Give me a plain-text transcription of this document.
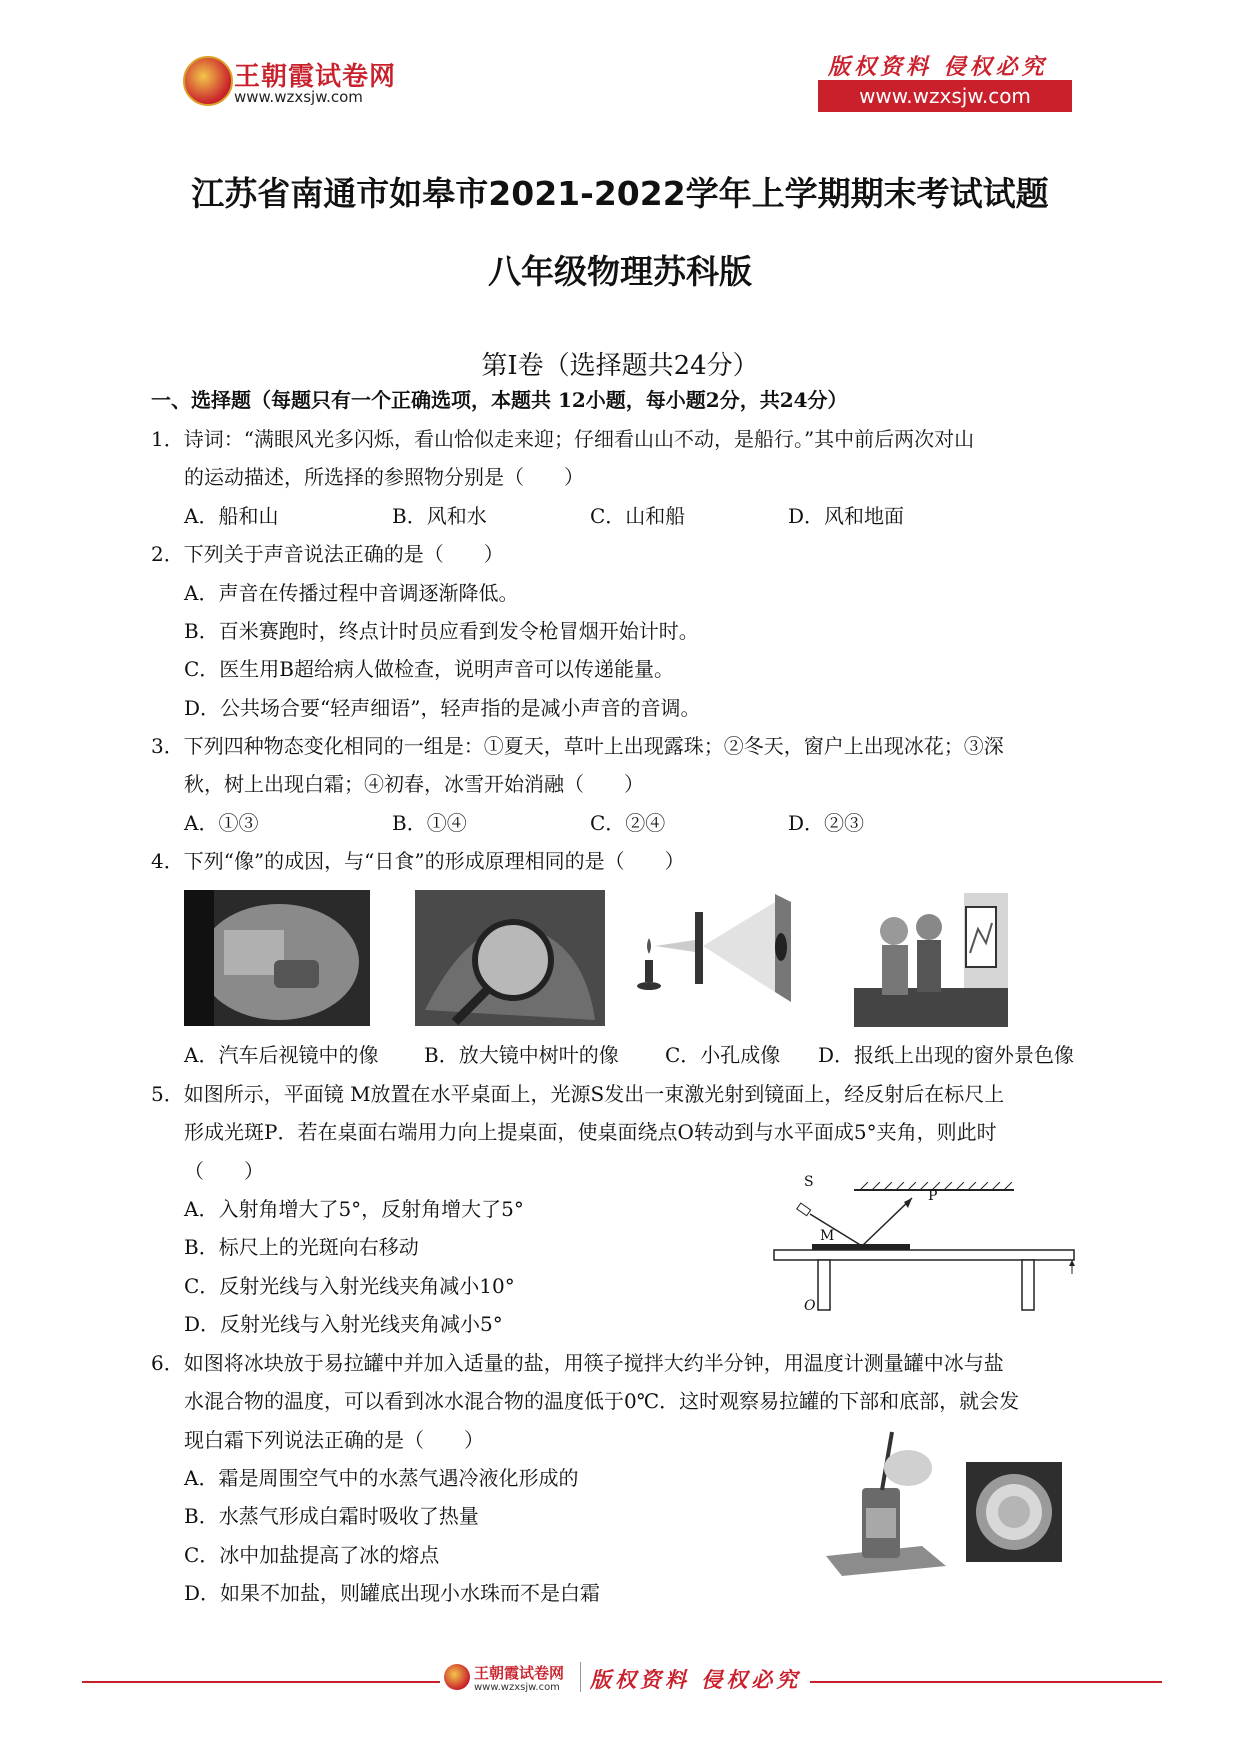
王朝霞试卷网
www.wzxsjw.com
版权资料 侵权必究
www.wzxsjw.com
江苏省南通市如皋市2021-2022学年上学期期末考试试题
八年级物理苏科版
第I卷（选择题共24分）
一、选择题（每题只有一个正确选项，本题共 12小题，每小题2分，共24分）
1．诗词：“满眼风光多闪烁，看山恰似走来迎；仔细看山山不动，是船行。”其中前后两次对山
的运动描述，所选择的参照物分别是（　　）
A．船和山	B．风和水	C．山和船	D．风和地面
2．下列关于声音说法正确的是（　　）
A．声音在传播过程中音调逐渐降低。
B．百米赛跑时，终点计时员应看到发令枪冒烟开始计时。
C．医生用B超给病人做检查，说明声音可以传递能量。
D．公共场合要“轻声细语”，轻声指的是减小声音的音调。
3．下列四种物态变化相同的一组是：①夏天，草叶上出现露珠；②冬天，窗户上出现冰花；③深
秋，树上出现白霜；④初春，冰雪开始消融（　　）
A．①③	B．①④	C．②④	D．②③
4．下列“像”的成因，与“日食”的形成原理相同的是（　　）
A．汽车后视镜中的像 B．放大镜中树叶的像 C．小孔成像 D．报纸上出现的窗外景色像
5．如图所示，平面镜 M放置在水平桌面上，光源S发出一束激光射到镜面上，经反射后在标尺上
形成光斑P．若在桌面右端用力向上提桌面，使桌面绕点O转动到与水平面成5°夹角，则此时
（　　）
A．入射角增大了5°，反射角增大了5°
B．标尺上的光斑向右移动
C．反射光线与入射光线夹角减小10°
D．反射光线与入射光线夹角减小5°
S
P
M
O
6．如图将冰块放于易拉罐中并加入适量的盐，用筷子搅拌大约半分钟，用温度计测量罐中冰与盐
水混合物的温度，可以看到冰水混合物的温度低于0℃．这时观察易拉罐的下部和底部，就会发
现白霜下列说法正确的是（　　）
A．霜是周围空气中的水蒸气遇冷液化形成的
B．水蒸气形成白霜时吸收了热量
C．冰中加盐提高了冰的熔点
D．如果不加盐，则罐底出现小水珠而不是白霜
王朝霞试卷网
www.wzxsjw.com 版权资料 侵权必究
